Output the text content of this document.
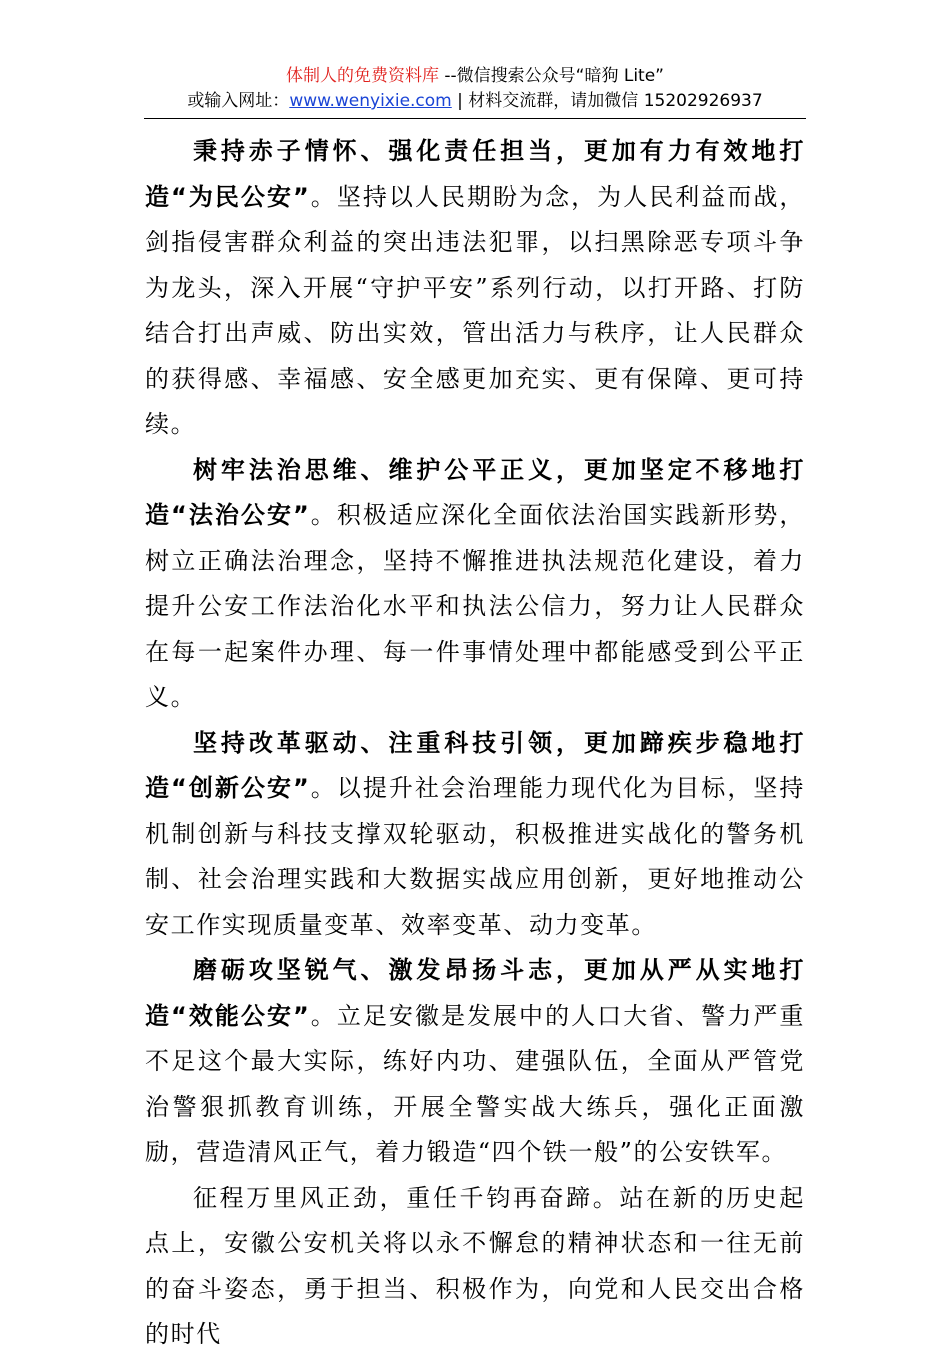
体制人的免费资料库 --微信搜索公众号“暗狗 Lite”
或输入网址：www.wenyixie.com | 材料交流群，请加微信 15202926937

秉持赤子情怀、强化责任担当，更加有力有效地打造“为民公安”。坚持以人民期盼为念，为人民利益而战，剑指侵害群众利益的突出违法犯罪，以扫黑除恶专项斗争为龙头，深入开展“守护平安”系列行动，以打开路、打防结合打出声威、防出实效，管出活力与秩序，让人民群众的获得感、幸福感、安全感更加充实、更有保障、更可持续。

树牢法治思维、维护公平正义，更加坚定不移地打造“法治公安”。积极适应深化全面依法治国实践新形势，树立正确法治理念，坚持不懈推进执法规范化建设，着力提升公安工作法治化水平和执法公信力，努力让人民群众在每一起案件办理、每一件事情处理中都能感受到公平正义。

坚持改革驱动、注重科技引领，更加蹄疾步稳地打造“创新公安”。以提升社会治理能力现代化为目标，坚持机制创新与科技支撑双轮驱动，积极推进实战化的警务机制、社会治理实践和大数据实战应用创新，更好地推动公安工作实现质量变革、效率变革、动力变革。

磨砺攻坚锐气、激发昂扬斗志，更加从严从实地打造“效能公安”。立足安徽是发展中的人口大省、警力严重不足这个最大实际，练好内功、建强队伍，全面从严管党治警狠抓教育训练，开展全警实战大练兵，强化正面激励，营造清风正气，着力锻造“四个铁一般”的公安铁军。

征程万里风正劲，重任千钧再奋蹄。站在新的历史起点上，安徽公安机关将以永不懈怠的精神状态和一往无前的奋斗姿态，勇于担当、积极作为，向党和人民交出合格的时代
